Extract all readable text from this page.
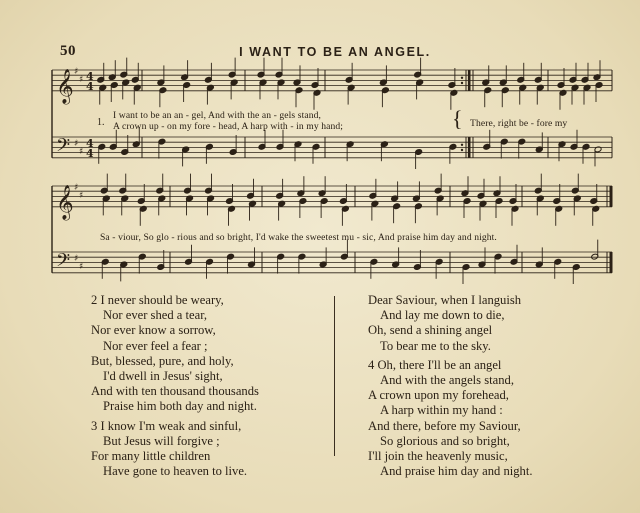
50	I WANT TO BE AN ANGEL.
𝄞
𝄢
♯
♯
♯
♯
4
4
4
4
𝄞
𝄢
♯
♯
♯
♯
1.
I want to be an an - gel, And with the an - gels stand,
A crown up - on my fore - head, A harp with - in my hand;	{ There, right be - fore my
Sa - viour, So glo - rious and so bright, I'd wake the sweetest mu - sic, And praise him day and night.
2 I never should be weary,
Nor ever shed a tear,
Nor ever know a sorrow,
Nor ever feel a fear ;
But, blessed, pure, and holy,
I'd dwell in Jesus' sight,
And with ten thousand thousands
Praise him both day and night.
3 I know I'm weak and sinful,
But Jesus will forgive ;
For many little children
Have gone to heaven to live.
Dear Saviour, when I languish
And lay me down to die,
Oh, send a shining angel
To bear me to the sky.
4 Oh, there I'll be an angel
And with the angels stand,
A crown upon my forehead,
A harp within my hand :
And there, before my Saviour,
So glorious and so bright,
I'll join the heavenly music,
And praise him day and night.
